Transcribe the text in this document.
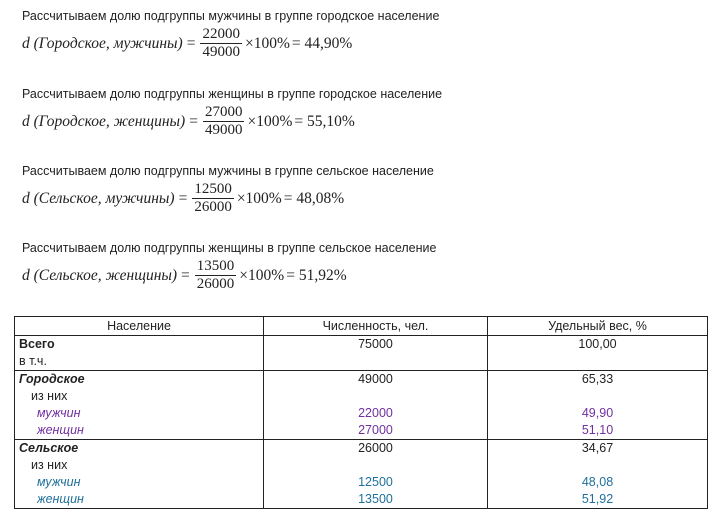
Рассчитываем долю подгруппы мужчины в группе городское население
d (Городское, мужчины) = $\frac{22000}{49000} \times 100\% = 44,90\%$
Рассчитываем долю подгруппы женщины в группе городское население
d (Городское, женщины) = $\frac{27000}{49000} \times 100\% = 55,10\%$
Рассчитываем долю подгруппы мужчины в группе сельское население
d (Сельское, мужчины) = $\frac{12500}{26000} \times 100\% = 48,08\%$
Рассчитываем долю подгруппы женщины в группе сельское население
d (Сельское, женщины) = $\frac{13500}{26000} \times 100\% = 51,92\%$
Население	Численность, чел.	Удельный вес, %
Всего	75000	100,00
в т.ч.		
Городское	49000	65,33
из них		
мужчин	22000	49,90
женщин	27000	51,10
Сельское	26000	34,67
из них		
мужчин	12500	48,08
женщин	13500	51,92
